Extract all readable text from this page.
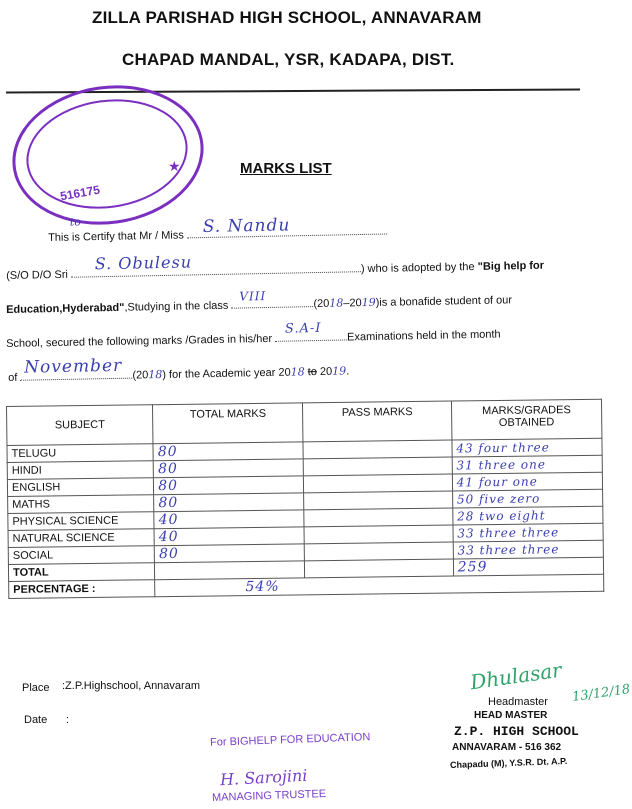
ZILLA PARISHAD HIGH SCHOOL, ANNAVARAM
CHAPAD MANDAL, YSR, KADAPA, DIST.
516175
★	MARKS LIST
This is Certify that Mr / Miss
to	S. Nandu
(S/O D/O Sri
S. Obulesu	) who is adopted by the "Big help for
Education,Hyderabad",Studying in the class
VIII
(2018–2019)is a bonafide student of our
School, secured the following marks /Grades in his/her
S.A-I Examinations held in the month
of
November (2018) for the Academic year 2018 to 2019.
SUBJECT	TOTAL MARKS	PASS MARKS	MARKS/GRADES OBTAINED
TELUGU	80		43 four three
HINDI	80		31 three one
ENGLISH	80		41 four one
MATHS	80		50 five zero
PHYSICAL SCIENCE	40		28 two eight
NATURAL SCIENCE	40		33 three three
SOCIAL	80		33 three three
TOTAL			259
PERCENTAGE :	54%		
Place :Z.P.Highschool, Annavaram
Date :
Dhulasar 13/12/18
Headmaster
HEAD MASTER
Z.P. HIGH SCHOOL
ANNAVARAM - 516 362
Chapadu (M), Y.S.R. Dt. A.P.
For BIGHELP FOR EDUCATION
H. Sarojini
MANAGING TRUSTEE
